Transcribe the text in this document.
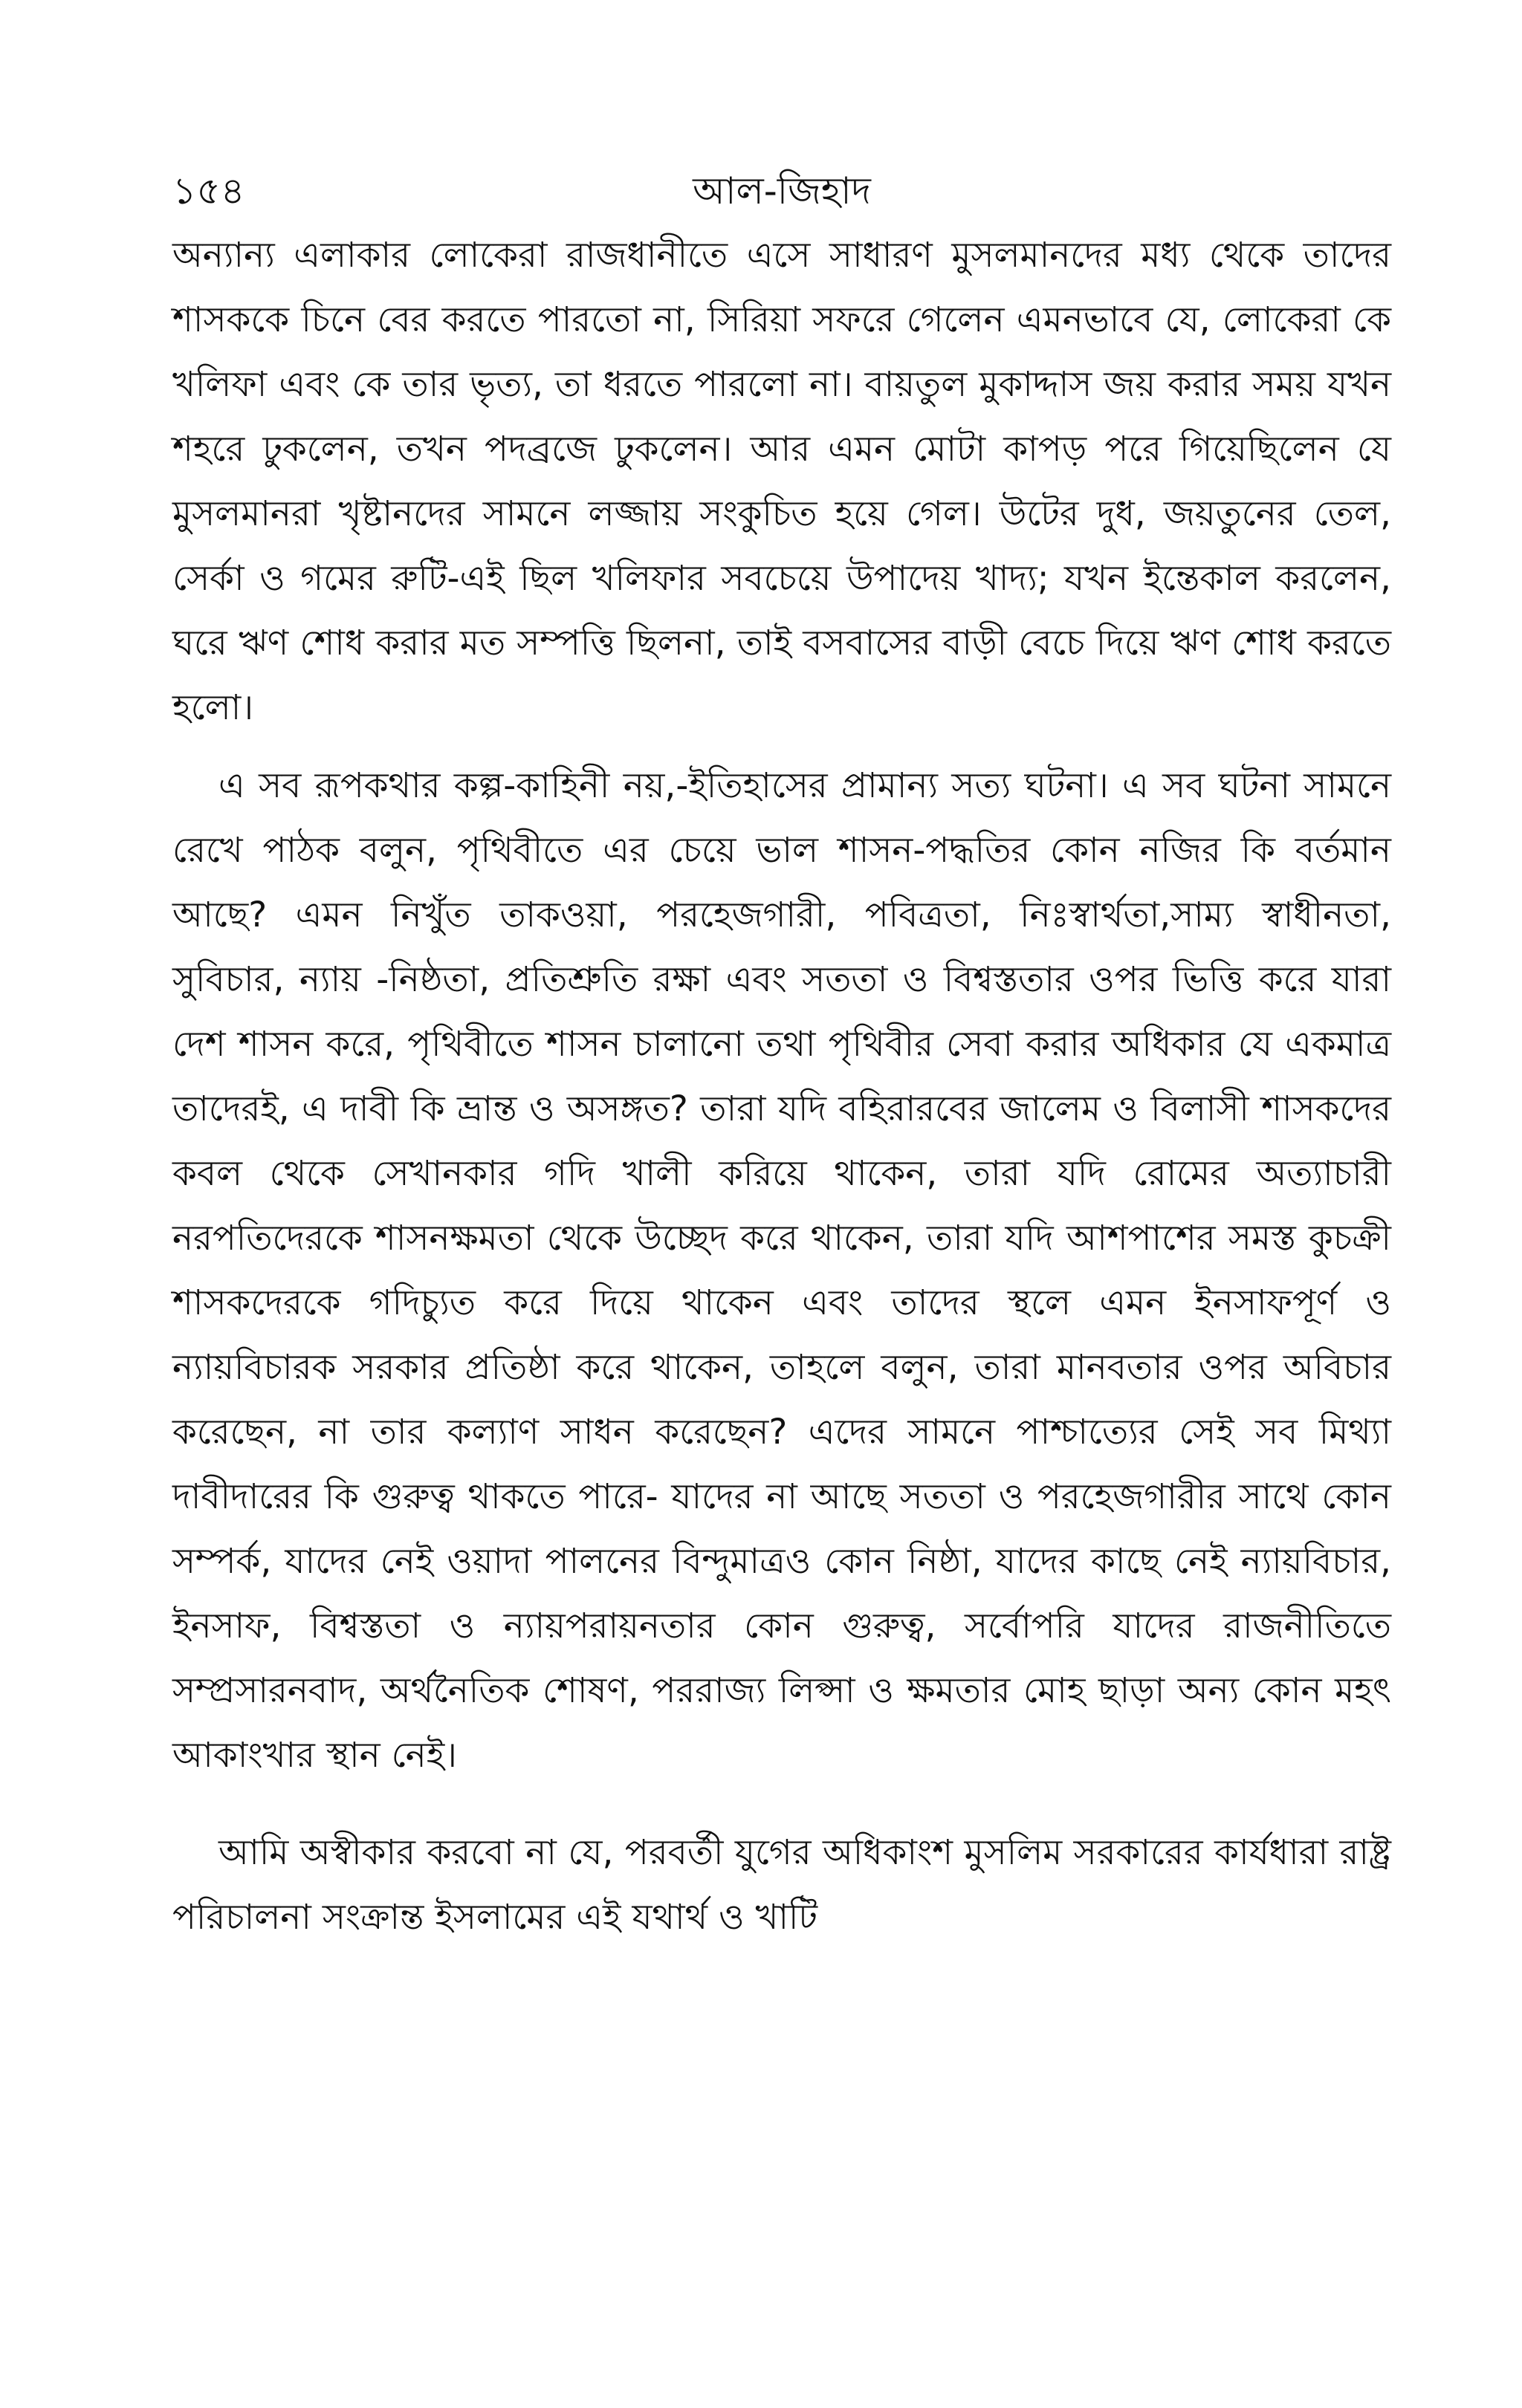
১৫৪	আল-জিহাদ

অন্যান্য এলাকার লোকেরা রাজধানীতে এসে সাধারণ মুসলমানদের মধ্য থেকে তাদের শাসককে চিনে বের করতে পারতো না, সিরিয়া সফরে গেলেন এমনভাবে যে, লোকেরা কে খলিফা এবং কে তার ভৃত্য, তা ধরতে পারলো না। বায়তুল মুকাদ্দাস জয় করার সময় যখন শহরে ঢুকলেন, তখন পদব্রজে ঢুকলেন। আর এমন মোটা কাপড় পরে গিয়েছিলেন যে মুসলমানরা খৃষ্টানদের সামনে লজ্জায় সংকুচিত হয়ে গেল। উটের দুধ, জয়তুনের তেল, সের্কা ও গমের রুটি-এই ছিল খলিফার সবচেয়ে উপাদেয় খাদ্য; যখন ইন্তেকাল করলেন, ঘরে ঋণ শোধ করার মত সম্পত্তি ছিলনা, তাই বসবাসের বাড়ী বেচে দিয়ে ঋণ শোধ করতে হলো।

এ সব রূপকথার কল্প-কাহিনী নয়,-ইতিহাসের প্রামান্য সত্য ঘটনা। এ সব ঘটনা সামনে রেখে পাঠক বলুন, পৃথিবীতে এর চেয়ে ভাল শাসন-পদ্ধতির কোন নজির কি বর্তমান আছে? এমন নিখুঁত তাকওয়া, পরহেজগারী, পবিত্রতা, নিঃস্বার্থতা,সাম্য স্বাধীনতা, সুবিচার, ন্যায় -নিষ্ঠতা, প্রতিশ্রুতি রক্ষা এবং সততা ও বিশ্বস্ততার ওপর ভিত্তি করে যারা দেশ শাসন করে, পৃথিবীতে শাসন চালানো তথা পৃথিবীর সেবা করার অধিকার যে একমাত্র তাদেরই, এ দাবী কি ভ্রান্ত ও অসঙ্গত? তারা যদি বহিরারবের জালেম ও বিলাসী শাসকদের কবল থেকে সেখানকার গদি খালী করিয়ে থাকেন, তারা যদি রোমের অত্যাচারী নরপতিদেরকে শাসনক্ষমতা থেকে উচ্ছেদ করে থাকেন, তারা যদি আশপাশের সমস্ত কুচক্রী শাসকদেরকে গদিচ্যুত করে দিয়ে থাকেন এবং তাদের স্থলে এমন ইনসাফপূর্ণ ও ন্যায়বিচারক সরকার প্রতিষ্ঠা করে থাকেন, তাহলে বলুন, তারা মানবতার ওপর অবিচার করেছেন, না তার কল্যাণ সাধন করেছেন? এদের সামনে পাশ্চাত্যের সেই সব মিথ্যা দাবীদারের কি গুরুত্ব থাকতে পারে- যাদের না আছে সততা ও পরহেজগারীর সাথে কোন সম্পর্ক, যাদের নেই ওয়াদা পালনের বিন্দুমাত্রও কোন নিষ্ঠা, যাদের কাছে নেই ন্যায়বিচার, ইনসাফ, বিশ্বস্ততা ও ন্যায়পরায়নতার কোন গুরুত্ব, সর্বোপরি যাদের রাজনীতিতে সম্প্রসারনবাদ, অর্থনৈতিক শোষণ, পররাজ্য লিপ্সা ও ক্ষমতার মোহ ছাড়া অন্য কোন মহৎ আকাংখার স্থান নেই।

আমি অস্বীকার করবো না যে, পরবর্তী যুগের অধিকাংশ মুসলিম সরকারের কার্যধারা রাষ্ট্র পরিচালনা সংক্রান্ত ইসলামের এই যথার্থ ও খাটি
